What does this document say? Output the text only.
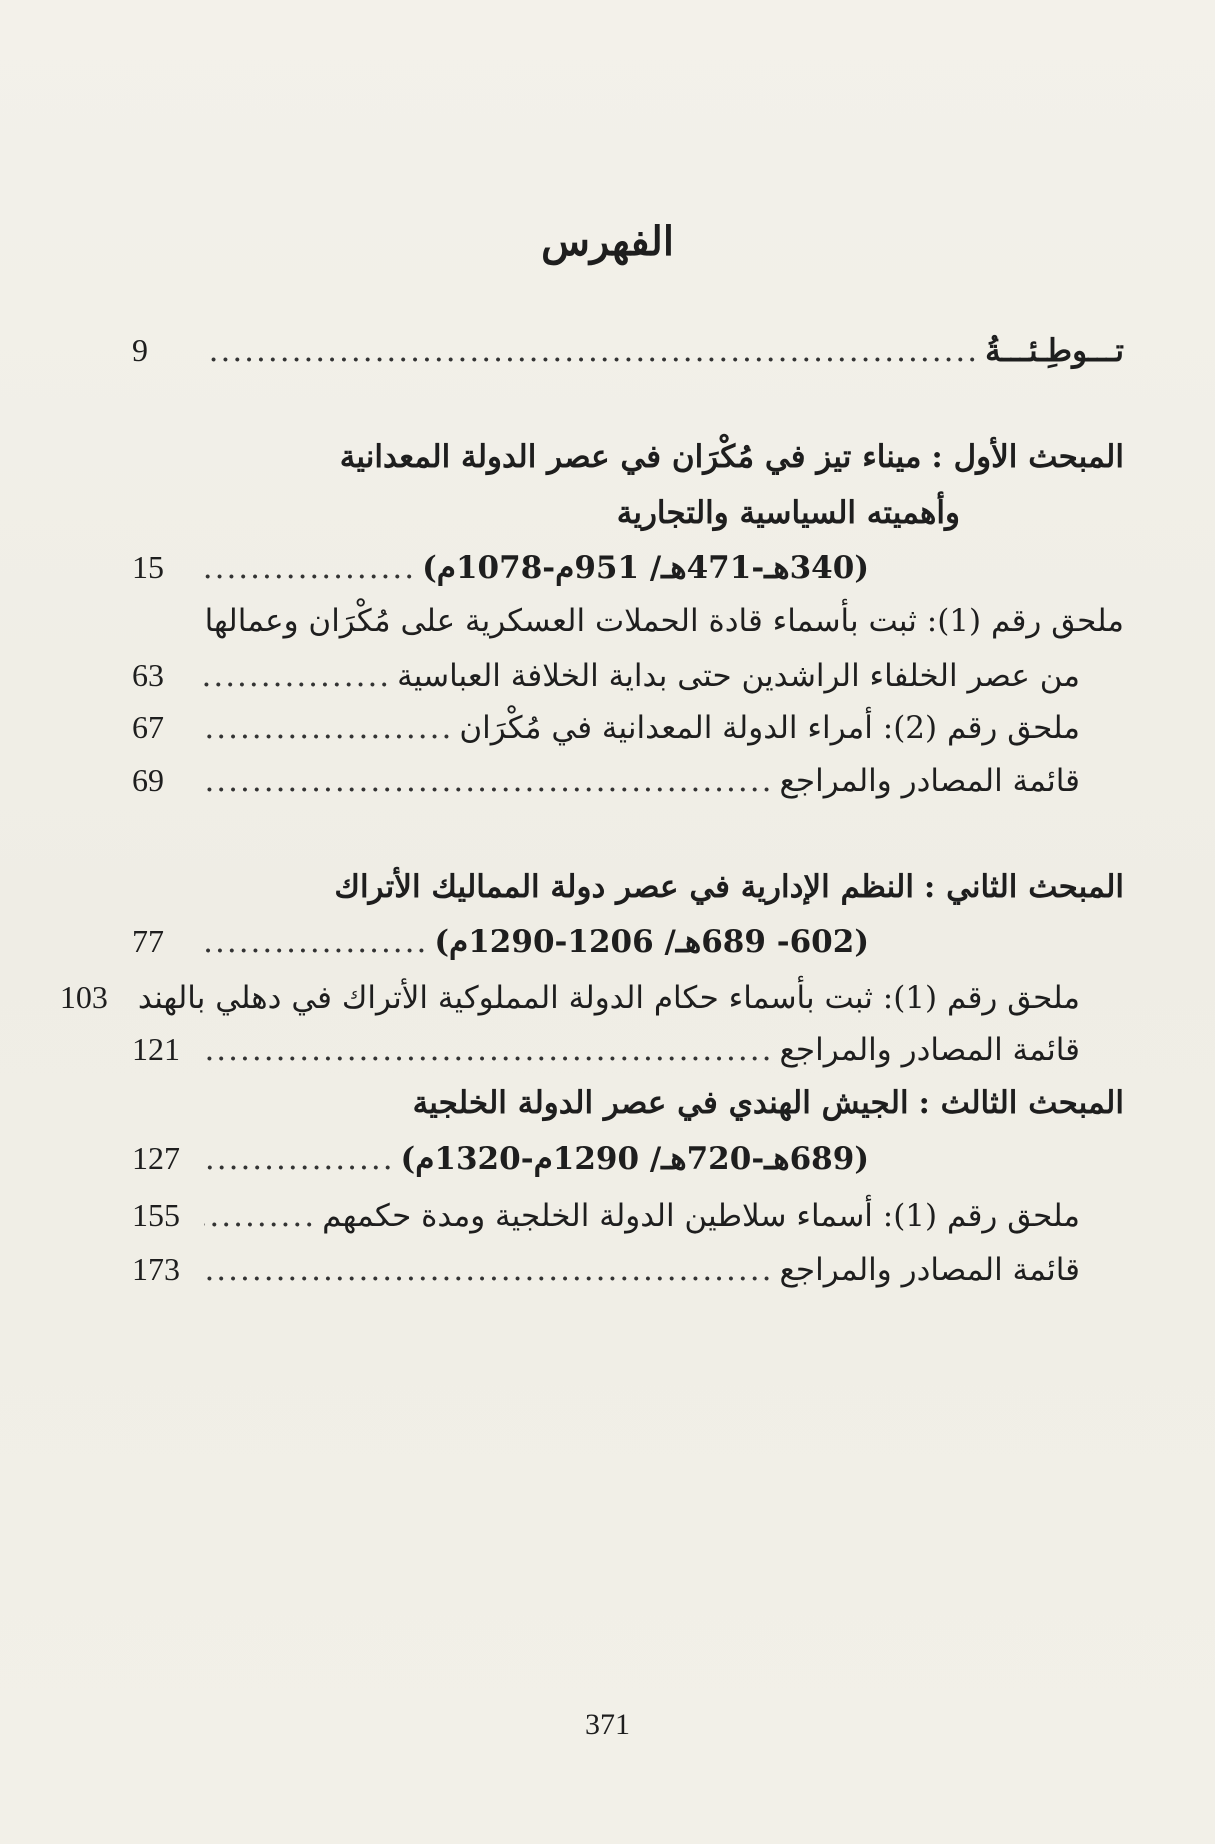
الفهرس
تـــوطِـئـــةُ
.....
9
المبحث الأول : ميناء تيز في مُكْرَان في عصر الدولة المعدانية
وأهميته السياسية والتجارية
(340هـ-471هـ/ 951م-1078م)
.....
15
ملحق رقم (1): ثبت بأسماء قادة الحملات العسكرية على مُكْرَان وعمالها
من عصر الخلفاء الراشدين حتى بداية الخلافة العباسية
.....
63
ملحق رقم (2): أمراء الدولة المعدانية في مُكْرَان
.....
67
قائمة المصادر والمراجع
.....
69
المبحث الثاني : النظم الإدارية في عصر دولة المماليك الأتراك
(602- 689هـ/ 1206-1290م)
.....
77
ملحق رقم (1): ثبت بأسماء حكام الدولة المملوكية الأتراك في دهلي بالهند
103
قائمة المصادر والمراجع
.....
121
المبحث الثالث : الجيش الهندي في عصر الدولة الخلجية
(689هـ-720هـ/ 1290م-1320م)
.....
127
ملحق رقم (1): أسماء سلاطين الدولة الخلجية ومدة حكمهم
.....
155
قائمة المصادر والمراجع
.....
173
371
